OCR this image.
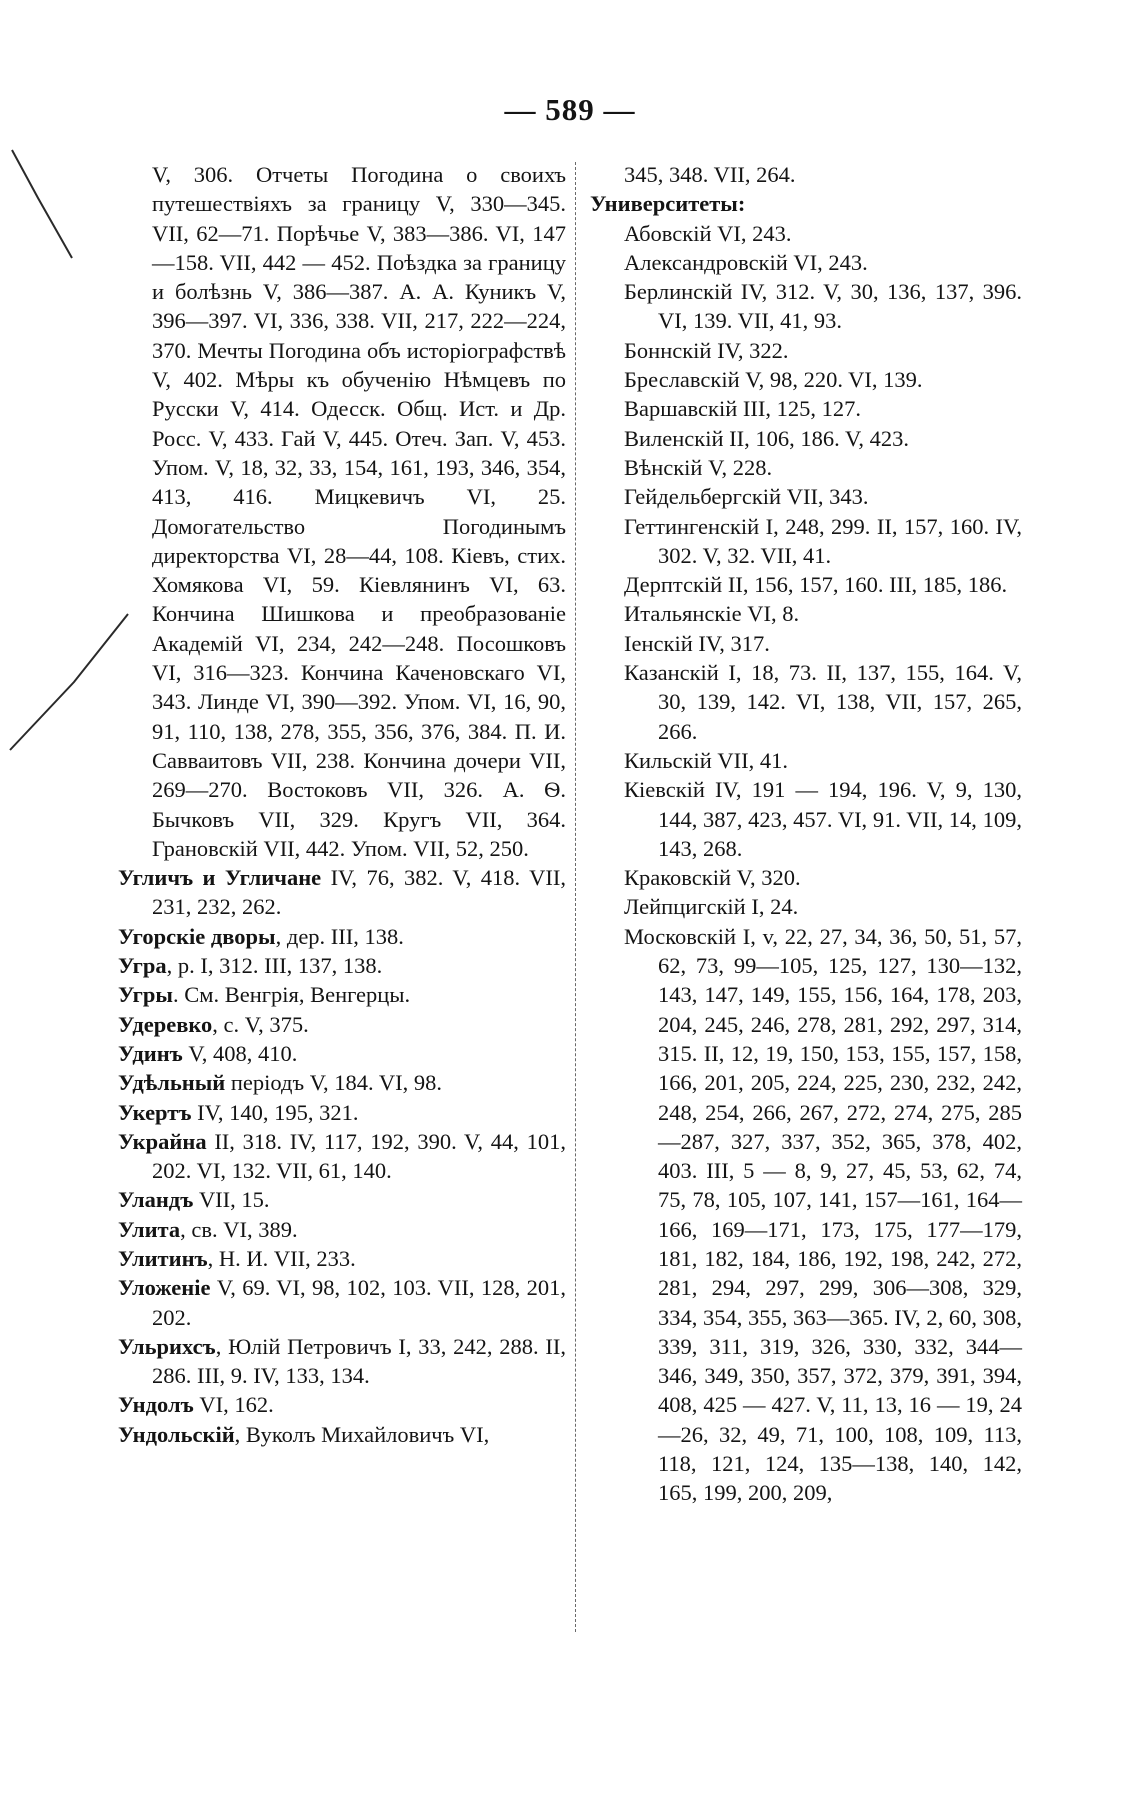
— 589 —
V, 306. Отчеты Погодина о своихъ путешествіяхъ за границу V, 330—345. VII, 62—71. Порѣчье V, 383—386. VI, 147—158. VII, 442 — 452. Поѣздка за границу и болѣзнь V, 386—387. А. А. Куникъ V, 396—397. VI, 336, 338. VII, 217, 222—224, 370. Мечты Погодина объ исторіографствѣ V, 402. Мѣры къ обученію Нѣмцевъ по Русски V, 414. Одесск. Общ. Ист. и Др. Росс. V, 433. Гай V, 445. Отеч. Зап. V, 453. Упом. V, 18, 32, 33, 154, 161, 193, 346, 354, 413, 416. Мицкевичъ VI, 25. Домогательство Погодинымъ директорства VI, 28—44, 108. Кіевъ, стих. Хомякова VI, 59. Кіевлянинъ VI, 63. Кончина Шишкова и преобразованіе Академій VI, 234, 242—248. Посошковъ VI, 316—323. Кончина Каченовскаго VI, 343. Линде VI, 390—392. Упом. VI, 16, 90, 91, 110, 138, 278, 355, 356, 376, 384. П. И. Савваитовъ VII, 238. Кончина дочери VII, 269—270. Востоковъ VII, 326. А. Ѳ. Бычковъ VII, 329. Кругъ VII, 364. Грановскій VII, 442. Упом. VII, 52, 250.
Угличъ и Угличане IV, 76, 382. V, 418. VII, 231, 232, 262.
Угорскіе дворы, дер. III, 138.
Угра, р. I, 312. III, 137, 138.
Угры. См. Венгрія, Венгерцы.
Удеревко, с. V, 375.
Удинъ V, 408, 410.
Удѣльный періодъ V, 184. VI, 98.
Укертъ IV, 140, 195, 321.
Украйна II, 318. IV, 117, 192, 390. V, 44, 101, 202. VI, 132. VII, 61, 140.
Уландъ VII, 15.
Улита, св. VI, 389.
Улитинъ, Н. И. VII, 233.
Уложеніе V, 69. VI, 98, 102, 103. VII, 128, 201, 202.
Ульрихсъ, Юлій Петровичъ I, 33, 242, 288. II, 286. III, 9. IV, 133, 134.
Ундолъ VI, 162.
Ундольскій, Вуколъ Михайловичъ VI,
345, 348. VII, 264.
Университеты:
Абовскій VI, 243.
Александровскій VI, 243.
Берлинскій IV, 312. V, 30, 136, 137, 396. VI, 139. VII, 41, 93.
Боннскій IV, 322.
Бреславскій V, 98, 220. VI, 139.
Варшавскій III, 125, 127.
Виленскій II, 106, 186. V, 423.
Вѣнскій V, 228.
Гейдельбергскій VII, 343.
Геттингенскій I, 248, 299. II, 157, 160. IV, 302. V, 32. VII, 41.
Дерптскій II, 156, 157, 160. III, 185, 186.
Итальянскіе VI, 8.
Іенскій IV, 317.
Казанскій I, 18, 73. II, 137, 155, 164. V, 30, 139, 142. VI, 138, VII, 157, 265, 266.
Кильскій VII, 41.
Кіевскій IV, 191 — 194, 196. V, 9, 130, 144, 387, 423, 457. VI, 91. VII, 14, 109, 143, 268.
Краковскій V, 320.
Лейпцигскій I, 24.
Московскій I, v, 22, 27, 34, 36, 50, 51, 57, 62, 73, 99—105, 125, 127, 130—132, 143, 147, 149, 155, 156, 164, 178, 203, 204, 245, 246, 278, 281, 292, 297, 314, 315. II, 12, 19, 150, 153, 155, 157, 158, 166, 201, 205, 224, 225, 230, 232, 242, 248, 254, 266, 267, 272, 274, 275, 285—287, 327, 337, 352, 365, 378, 402, 403. III, 5 — 8, 9, 27, 45, 53, 62, 74, 75, 78, 105, 107, 141, 157—161, 164—166, 169—171, 173, 175, 177—179, 181, 182, 184, 186, 192, 198, 242, 272, 281, 294, 297, 299, 306—308, 329, 334, 354, 355, 363—365. IV, 2, 60, 308, 339, 311, 319, 326, 330, 332, 344—346, 349, 350, 357, 372, 379, 391, 394, 408, 425 — 427. V, 11, 13, 16 — 19, 24—26, 32, 49, 71, 100, 108, 109, 113, 118, 121, 124, 135—138, 140, 142, 165, 199, 200, 209,
